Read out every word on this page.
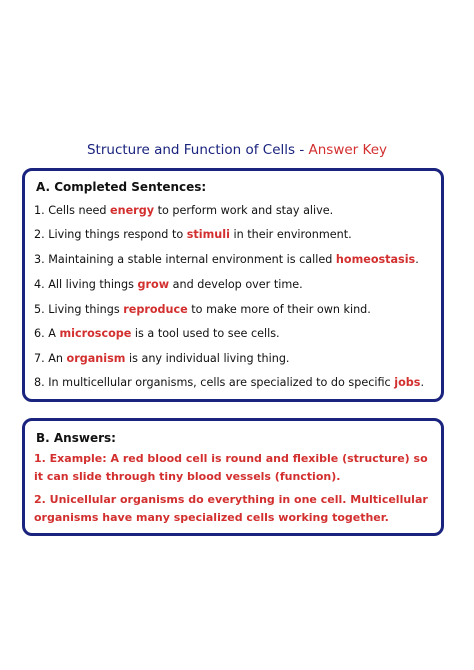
Structure and Function of Cells - Answer Key
A. Completed Sentences:
1. Cells need energy to perform work and stay alive.
2. Living things respond to stimuli in their environment.
3. Maintaining a stable internal environment is called homeostasis.
4. All living things grow and develop over time.
5. Living things reproduce to make more of their own kind.
6. A microscope is a tool used to see cells.
7. An organism is any individual living thing.
8. In multicellular organisms, cells are specialized to do specific jobs.
B. Answers:
1. Example: A red blood cell is round and flexible (structure) so it can slide through tiny blood vessels (function).
2. Unicellular organisms do everything in one cell. Multicellular organisms have many specialized cells working together.
